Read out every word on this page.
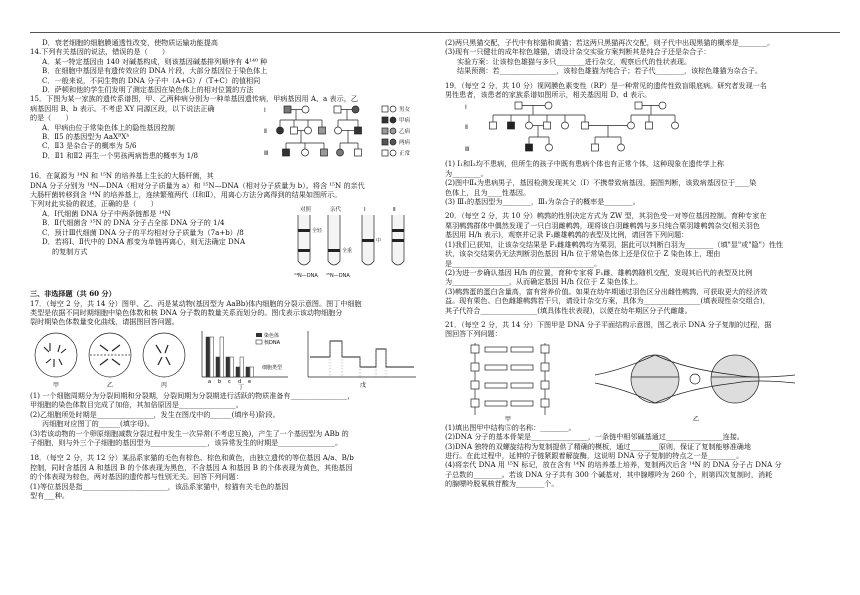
D．衰老细胞的细胞膜通透性改变，使物质运输功能提高

14.下列有关基因的说法，错误的是（　　）

A．某一特定基因由 140 对碱基构成，则该基因碱基排列顺序有 4¹⁴⁰ 种

B．在细胞中基因是有遗传效应的 DNA 片段，大部分基因位于染色体上

C．一般来说，不同生物的 DNA 分子中（A+G）/（T+C）的值相同

D．萨顿和他的学生们发明了测定基因在染色体上的相对位置的方法

15．下图为某一家族的遗传系谱图，甲、乙两种病分别为一种单基因遗传病，甲病基因用 A、a 表示，乙

病基因用 B、b 表示。不考虑 XY 同源区段，以下说法正确

的是（　　）

A．甲病由位于常染色体上的隐性基因控制

B．Ⅱ5 的基因型为 AaXᴮXᵇ

C．Ⅱ3 是杂合子的概率为 5/6

D．Ⅱ1 和Ⅱ2 再生一个男孩两病皆患的概率为 1/8

Ⅰ
Ⅱ
Ⅲ
男女
甲病
乙病
两病
正常

16．在氮源为 ¹⁴N 和 ¹⁵N 的培养基上生长的大肠杆菌，其

DNA 分子分别为 ¹⁴N—DNA（相对分子质量为 a）和 ¹⁵N—DNA（相对分子质量为 b）。将含 ¹⁵N 的亲代

大肠杆菌转移到含 ¹⁴N 的培养基上，连续繁殖两代（Ⅰ和Ⅱ），用离心方法分离得到的结果如图所示。

下列对此实验的叙述，正确的是（　　）

A．Ⅰ代细菌 DNA 分子中两条链都是 ¹⁴N

B．Ⅱ代细菌含 ¹⁵N 的 DNA 分子占全部 DNA 分子的 1/4

C．预计Ⅲ代细菌 DNA 分子的平均相对分子质量为（7a+b）/8

D．若将Ⅰ、Ⅱ代中的 DNA 都变为单链再离心，则无法确定 DNA

的复制方式

对照	亲代	Ⅰ	Ⅱ
全轻
全重
中
¹⁴N—DNA ¹⁵N—DNA

三、非选择题（共 60 分）

17．（每空 2 分，共 14 分）图甲、乙、丙是某动物(基因型为 AaBb)体内细胞的分裂示意图。图丁中细胞

类型是依据不同时期细胞中染色体数和核 DNA 分子数的数量关系而划分的。图戊表示该动物细胞分

裂时期染色体数量变化曲线，请据图回答问题。

甲	乙	丙	a b c d e
染色体
核DNA
细胞类型
丁	戊

(1) 一个细胞周期分为分裂间期和分裂期，分裂间期为分裂期进行活跃的物质准备有________________，

甲细胞的染色体数目完成了加倍，其加倍原因是________________。

(2)乙细胞所处时期是________________，发生在图戊中的______(填序号)阶段。

丙细胞对应图丁的______(填字母)。

(3)若该动物的一个卵原细胞减数分裂过程中发生一次异常(不考虑互换)，产生了一个基因型为 ABb 的

子细胞，则与外三个子细胞的基因型为________________，该异常发生的时期是________________。

18．（每空 2 分，共 12 分）某品系家猫的毛色有棕色、棕色和黄色，由独立遗传的等位基因 A/a、B/b

控制，同时含基因 A 和基因 B 的个体表现为黑色，不含基因 A 和基因 B 的个体表现为黄色，其他基因

的个体表现为棕色，两对基因的遗传都与性别无关。回答下列问题：

(1)等位基因是指________________________，该品系家猫中，棕猫有关毛色的基因

型有___种。

(2)两只黑猫交配，子代中有棕猫和黄猫；若这两只黑猫再次交配，则子代中出现黑猫的概率是________。

(3)现有一只健壮的成年棕色雄猫，请设计杂交实验方案判断其是纯合子还是杂合子：

实验方案：让该棕色雄猫与多只________进行杂交，观察后代的性状表现。

结果预测：若________________，该棕色雄猫为纯合子；若子代________，该棕色雄猫为杂合子。

19．（每空 2 分，共 10 分）视网膜色素变性（RP）是一种常见的遗传性致盲眼底病。研究者发现一名

男性患者，该患者的家族系谱如图所示，相关基因用 D、d 表示。

Ⅰ
Ⅱ
Ⅲ

(1) Ⅰ₁和Ⅰ₂均不患病，但所生的孩子中既有患病个体也有正常个体，这种现象在遗传学上称

为________。

(2)图中Ⅱ₄为患病男子，基因检测发现其父（Ⅰ）不携带致病基因，据图判断，该致病基因位于____染

色体上，且为____性基因。

(3) Ⅲ₁的基因型为________，Ⅲ₁为杂合子的概率是________。

20．（每空 2 分，共 10 分）鹌鹑的性别决定方式为 ZW 型，其羽色受一对等位基因控制。育种专家在

栗羽鹌鹑群体中偶然发现了一只白羽雌鹌鹑，现将该白羽雌鹌鹑与多只纯合栗羽雄鹌鹑杂交(相关羽色

基因用 H/h 表示)，观察并记录 F₁雌雄鹌鹑的表型及比例，请回答下列问题：

(1)我们已获知，让该杂交结果是 F₁雌雄鹌鹑均为栗羽，据此可以判断白羽为________（填"显"或"隐"）性性

状，该杂交结果仍无法判断羽色基因 H/h 位于常染色体上还是仅位于 Z 染色体上，理由

是________________________________________。

(2)为进一步确认基因 H/h 的位置，育种专家将 F₁雌、雄鹌鹑随机交配，发现其后代的表型及比例

为________________，从而确定基因 H/h 仅位于 Z 染色体上。

(3)鹌鹑蛋的蛋白含量高，富有营养价值。如果在幼年期通过羽色区分出雌性鹌鹑，可获取更大的经济效

益。现有栗色、白色雌雄鹌鹑若干只，请设计杂交方案，具体为________________(填表现性杂交组合)，

其子代符合________________(填具体性状表现)，以便在幼年期区分子代雌雄。

21．（每空 2 分，共 14 分）下图甲是 DNA 分子平面结构示意图，图乙表示 DNA 分子复制的过程，据

图回答下列问题：

甲	乙

(1)填出图甲中结构⑤的名称：________。

(2)DNA 分子的基本骨架是________________，一条链中相邻碱基通过________________连接。

(3)DNA 独特的双螺旋结构为复制提供了精确的模板，通过________原则，保证了复制能够准确地

进行。在此过程中，延伸的子链紧跟着解旋酶，这说明 DNA 分子复制的特点之一是________。

(4)将亲代 DNA 用 ¹⁵N 标记，放在含有 ¹⁴N 的培养基上培养，复制两次后含 ¹⁴N 的 DNA 分子占 DNA 分

子总数的________。若该 DNA 分子共有 300 个碱基对，其中腺嘌呤为 260 个，则第四次复制时，消耗

的腺嘌呤脱氧核苷酸为________个。
